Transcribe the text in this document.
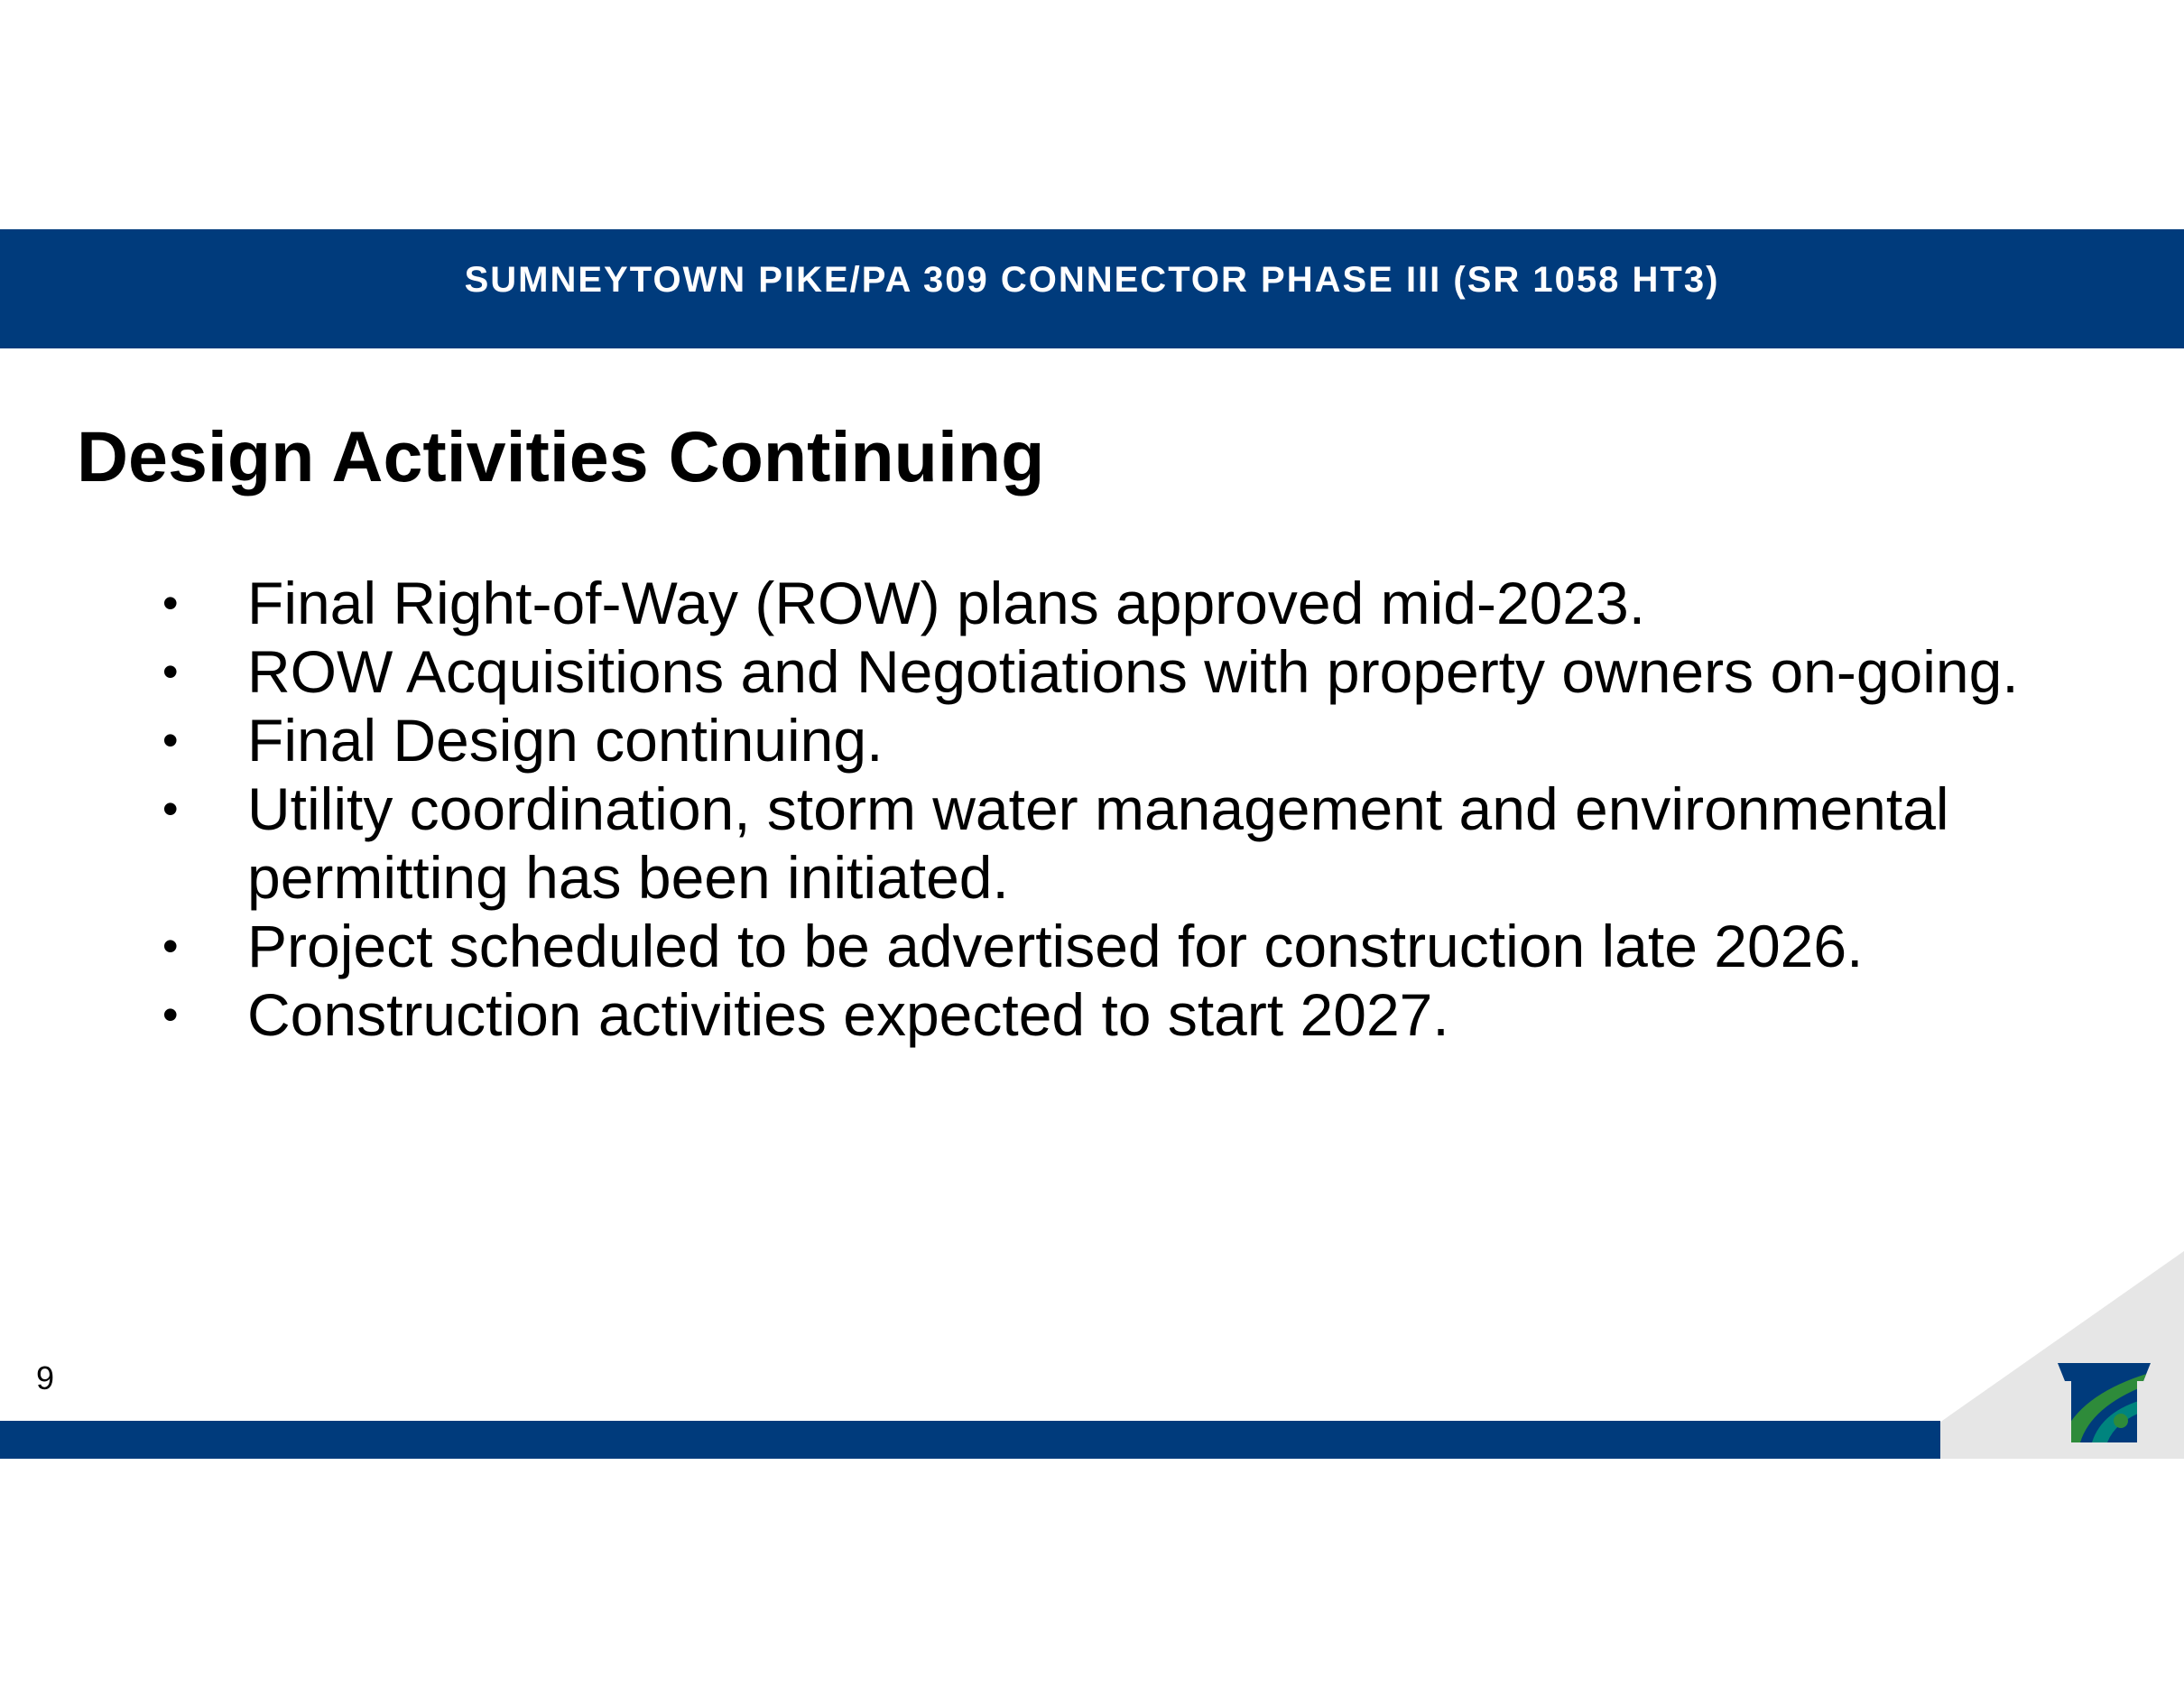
SUMNEYTOWN PIKE/PA 309 CONNECTOR PHASE III (SR 1058 HT3)
Design Activities Continuing
• Final Right-of-Way (ROW) plans approved mid-2023.
• ROW Acquisitions and Negotiations with property owners on-going.
• Final Design continuing.
• Utility coordination, storm water management and environmental permitting has been initiated.
• Project scheduled to be advertised for construction late 2026.
• Construction activities expected to start 2027.
9
